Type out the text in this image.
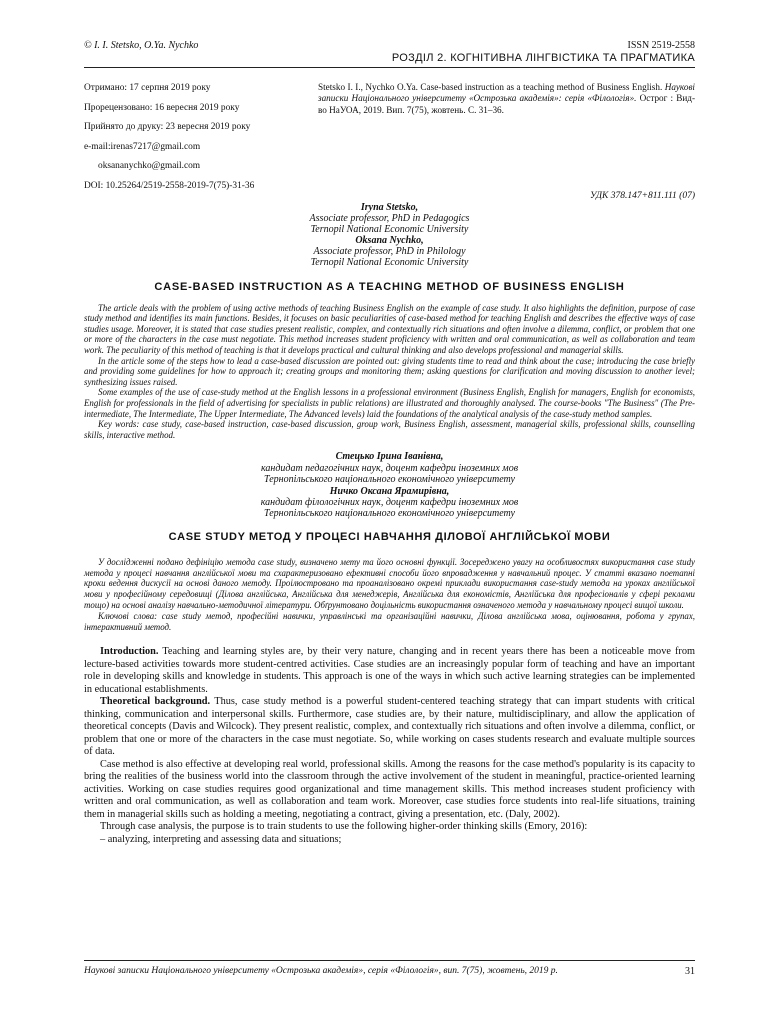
© I. I. Stetsko, O.Ya. Nychko	ISSN 2519-2558
РОЗДІЛ 2. КОГНІТИВНА ЛІНГВІСТИКА ТА ПРАГМАТИКА
Отримано: 17 серпня 2019 року
Прорецензовано: 16 вересня 2019 року
Прийнято до друку: 23 вересня 2019 року
e-mail:irenas7217@gmail.com
oksananychko@gmail.com
DOI: 10.25264/2519-2558-2019-7(75)-31-36
Stetsko I. I., Nychko O.Ya. Case-based instruction as a teaching method of Business English. Наукові записки Національного університету «Острозька академія»: серія «Філологія». Острог : Вид-во НаУОА, 2019. Вип. 7(75), жовтень. С. 31–36.
УДК 378.147+811.111 (07)
Iryna Stetsko,
Associate professor, PhD in Pedagogics
Ternopil National Economic University
Oksana Nychko,
Associate professor, PhD in Philology
Ternopil National Economic University
CASE-BASED INSTRUCTION AS A TEACHING METHOD OF BUSINESS ENGLISH

The article deals with the problem of using active methods of teaching Business English on the example of case study. It also highlights the definition, purpose of case study method and identifies its main functions. Besides, it focuses on basic peculiarities of case-based method for teaching English and describes the effective ways of case studies usage. Moreover, it is stated that case studies present realistic, complex, and contextually rich situations and often involve a dilemma, conflict, or problem that one or more of the characters in the case must negotiate. This method increases student proficiency with written and oral communication, as well as collaboration and team work. The peculiarity of this method of teaching is that it develops practical and cultural thinking and also develops professional and managerial skills.

In the article some of the steps how to lead a case-based discussion are pointed out: giving students time to read and think about the case; introducing the case briefly and providing some guidelines for how to approach it; creating groups and monitoring them; asking questions for clarification and moving discussion to another level; synthesizing issues raised.

Some examples of the use of case-study method at the English lessons in a professional environment (Business English, English for managers, English for economists, English for professionals in the field of advertising for specialists in public relations) are illustrated and thoroughly analysed. The course-books "The Business" (The Pre-intermediate, The Intermediate, The Upper Intermediate, The Advanced levels) laid the foundations of the analytical analysis of the case-study method samples.

Key words: case study, case-based instruction, case-based discussion, group work, Business English, assessment, managerial skills, professional skills, counselling skills, interactive method.

Стецько Ірина Іванівна,
кандидат педагогічних наук, доцент кафедри іноземних мов
Тернопільського національного економічного університету
Ничко Оксана Ярамирівна,
кандидат філологічних наук, доцент кафедри іноземних мов
Тернопільського національного економічного університету
CASE STUDY МЕТОД У ПРОЦЕСІ НАВЧАННЯ ДІЛОВОЇ АНГЛІЙСЬКОЇ МОВИ

У дослідженні подано дефініцію метода case study, визначено мету та його основні функції. Зосереджено увагу на особливостях використання case study метода у процесі навчання англійської мови та схарактеризовано ефективні способи його впровадження у навчальний процес. У статті вказано поетапні кроки ведення дискусії на основі даного методу. Проілюстровано та проаналізовано окремі приклади використання case-study метода на уроках англійської мови у професійному середовищі (Ділова англійська, Англійська для менеджерів, Англійська для економістів, Англійська для професіоналів у сфері реклами тощо) на основі аналізу навчально-методичної літератури. Обґрунтовано доцільність використання означеного метода у навчальному процесі вищої школи.

Ключові слова: case study метод, професійні навички, управлінські та організаційні навички, Ділова англійська мова, оцінювання, робота у групах, інтерактивний метод.

Introduction. Teaching and learning styles are, by their very nature, changing and in recent years there has been a noticeable move from lecture-based activities towards more student-centred activities. Case studies are an increasingly popular form of teaching and have an important role in developing skills and knowledge in students. This approach is one of the ways in which such active learning strategies can be implemented in educational establishments.

Theoretical background. Thus, case study method is a powerful student-centered teaching strategy that can impart students with critical thinking, communication and interpersonal skills. Furthermore, case studies are, by their nature, multidisciplinary, and allow the application of theoretical concepts (Davis and Wilcock). They present realistic, complex, and contextually rich situations and often involve a dilemma, conflict, or problem that one or more of the characters in the case must negotiate. So, while working on cases students research and evaluate multiple sources of data.

Case method is also effective at developing real world, professional skills. Among the reasons for the case method's popularity is its capacity to bring the realities of the business world into the classroom through the active involvement of the student in meaningful, practice-oriented learning activities. Working on case studies requires good organizational and time management skills. This method increases student proficiency with written and oral communication, as well as collaboration and team work. Moreover, case studies force students into real-life situations, training them in managerial skills such as holding a meeting, negotiating a contract, giving a presentation, etc. (Daly, 2002).

Through case analysis, the purpose is to train students to use the following higher-order thinking skills (Emory, 2016):

– analyzing, interpreting and assessing data and situations;

Наукові записки Національного університету «Острозька академія», серія «Філологія», вип. 7(75), жовтень, 2019 р.	31
